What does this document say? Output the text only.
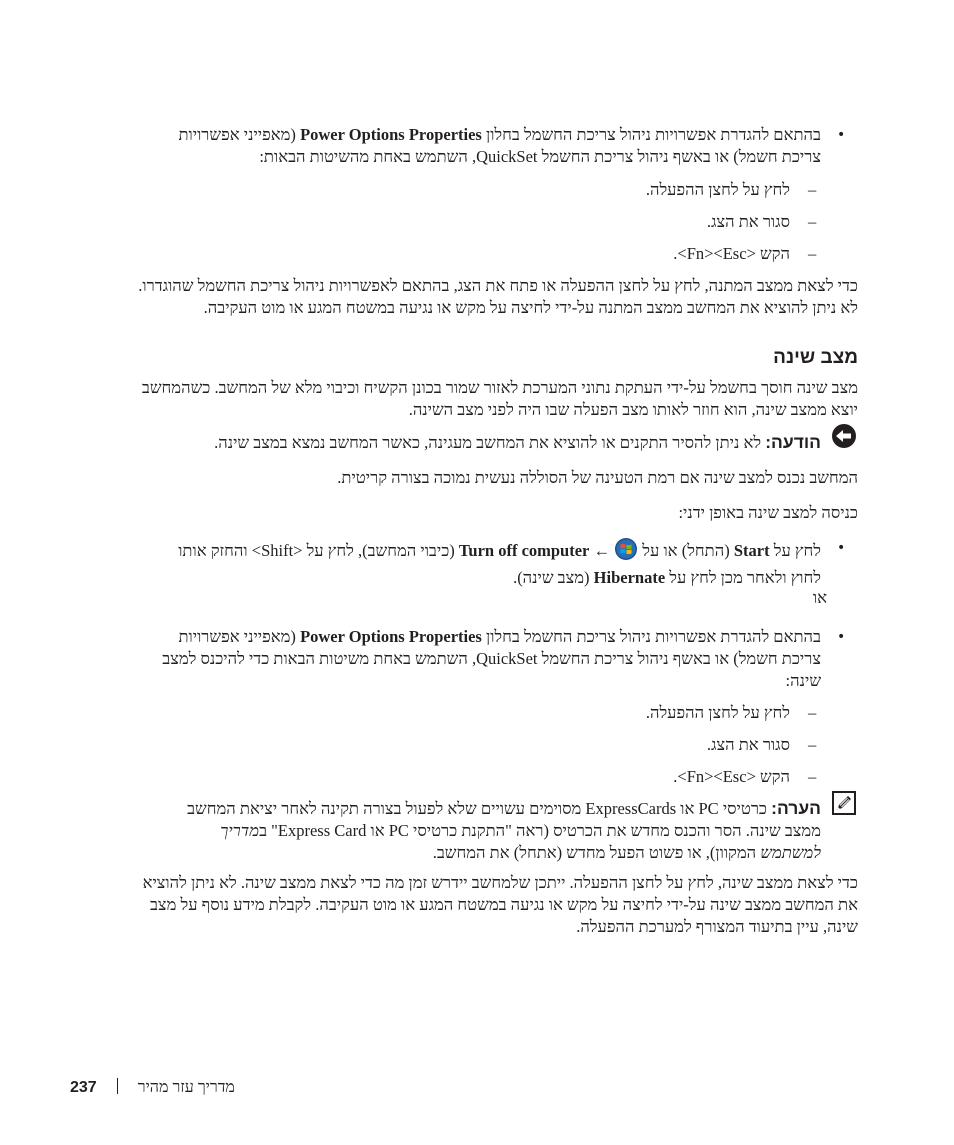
•

בהתאם להגדרת אפשרויות ניהול צריכת החשמל בחלון Power Options Properties (מאפייני אפשרויות

צריכת חשמל) או באשף ניהול צריכת החשמל QuickSet, השתמש באחת מהשיטות הבאות:

–
לחץ על לחצן ההפעלה.
–
סגור את הצג.
–
הקש <Fn><Esc>.

כדי לצאת ממצב המתנה, לחץ על לחצן ההפעלה או פתח את הצג, בהתאם לאפשרויות ניהול צריכת החשמל שהוגדרו.

לא ניתן להוציא את המחשב ממצב המתנה על-ידי לחיצה על מקש או נגיעה במשטח המגע או מוט העקיבה.

מצב שינה

מצב שינה חוסך בחשמל על-ידי העתקת נתוני המערכת לאזור שמור בכונן הקשיח וכיבוי מלא של המחשב. כשהמחשב

יוצא ממצב שינה, הוא חוזר לאותו מצב הפעלה שבו היה לפני מצב השינה.

הודעה: לא ניתן להסיר התקנים או להוציא את המחשב מעגינה, כאשר המחשב נמצא במצב שינה.
המחשב נכנס למצב שינה אם רמת הטעינה של הסוללה נעשית נמוכה בצורה קריטית.
כניסה למצב שינה באופן ידני:
•

לחץ על Start (התחל) או על  ← Turn off computer (כיבוי המחשב), לחץ על <Shift> והחזק אותו

לחוץ ולאחר מכן לחץ על Hibernate (מצב שינה).

או
•

בהתאם להגדרת אפשרויות ניהול צריכת החשמל בחלון Power Options Properties (מאפייני אפשרויות

צריכת חשמל) או באשף ניהול צריכת החשמל QuickSet, השתמש באחת משיטות הבאות כדי להיכנס למצב

שינה:

–
לחץ על לחצן ההפעלה.
–
סגור את הצג.
–
הקש <Fn><Esc>.

הערה: כרטיסי PC או ExpressCards מסוימים עשויים שלא לפעול בצורה תקינה לאחר יציאת המחשב

ממצב שינה. הסר והכנס מחדש את הכרטיס (ראה "התקנת כרטיסי PC או Express Card" במדריך

למשתמש המקוון), או פשוט הפעל מחדש (אתחל) את המחשב.

כדי לצאת ממצב שינה, לחץ על לחצן ההפעלה. ייתכן שלמחשב יידרש זמן מה כדי לצאת ממצב שינה. לא ניתן להוציא

את המחשב ממצב שינה על-ידי לחיצה על מקש או נגיעה במשטח המגע או מוט העקיבה. לקבלת מידע נוסף על מצב

שינה, עיין בתיעוד המצורף למערכת ההפעלה.

237	מדריך עזר מהיר
